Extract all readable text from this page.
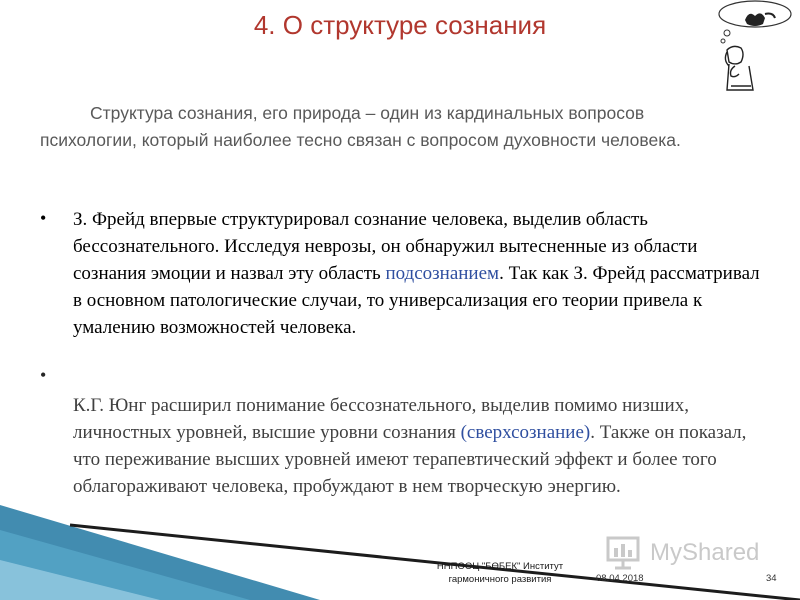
4. О структуре сознания
Структура сознания, его природа – один из кардинальных вопросов психологии, который наиболее тесно связан с вопросом духовности человека.
• З. Фрейд впервые структурировал сознание человека, выделив область бессознательного. Исследуя неврозы, он обнаружил вытесненные из области сознания эмоции и назвал эту область подсознанием. Так как З. Фрейд рассматривал в основном патологические случаи, то универсализация его теории привела к умалению возможностей человека.
•
К.Г. Юнг расширил понимание бессознательного, выделив помимо низших, личностных уровней, высшие уровни сознания (сверхсознание). Также он показал, что переживание высших уровней имеют терапевтический эффект и более того облагораживают человека, пробуждают в нем творческую энергию.
MyShared
ННПООЦ "БӨБЕК" Институт
гармоничного развития	08.04.2018	34
